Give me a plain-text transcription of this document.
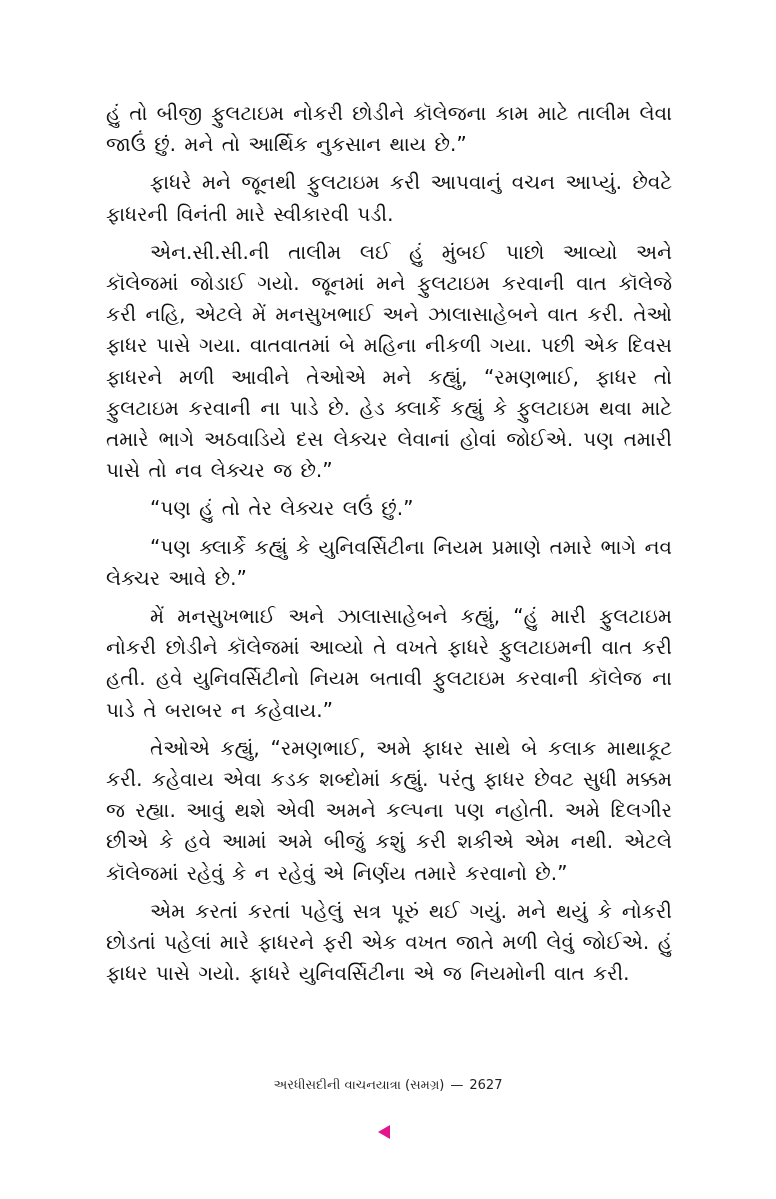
હું તો બીજી ફુલટાઇમ નોકરી છોડીને કૉલેજના કામ માટે તાલીમ લેવા જાઉં છું. મને તો આર્થિક નુકસાન થાય છે.”

ફાધરે મને જૂનથી ફુલટાઇમ કરી આપવાનું વચન આપ્યું. છેવટે ફાધરની વિનંતી મારે સ્વીકારવી પડી.

એન.સી.સી.ની તાલીમ લઈ હું મુંબઈ પાછો આવ્યો અને કૉલેજમાં જોડાઈ ગયો. જૂનમાં મને ફુલટાઇમ કરવાની વાત કૉલેજે કરી નહિ, એટલે મેં મનસુખભાઈ અને ઝાલાસાહેબને વાત કરી. તેઓ ફાધર પાસે ગયા. વાતવાતમાં બે મહિના નીકળી ગયા. પછી એક દિવસ ફાધરને મળી આવીને તેઓએ મને કહ્યું, “રમણભાઈ, ફાધર તો ફુલટાઇમ કરવાની ના પાડે છે. હેડ ક્લાર્કે કહ્યું કે ફુલટાઇમ થવા માટે તમારે ભાગે અઠવાડિયે દસ લેક્ચર લેવાનાં હોવાં જોઈએ. પણ તમારી પાસે તો નવ લેક્ચર જ છે.”

“પણ હું તો તેર લેક્ચર લઉં છું.”

“પણ ક્લાર્કે કહ્યું કે યુનિવર્સિટીના નિયમ પ્રમાણે તમારે ભાગે નવ લેક્ચર આવે છે.”

મેં મનસુખભાઈ અને ઝાલાસાહેબને કહ્યું, “હું મારી ફુલટાઇમ નોકરી છોડીને કૉલેજમાં આવ્યો તે વખતે ફાધરે ફુલટાઇમની વાત કરી હતી. હવે યુનિવર્સિટીનો નિયમ બતાવી ફુલટાઇમ કરવાની કૉલેજ ના પાડે તે બરાબર ન કહેવાય.”

તેઓએ કહ્યું, “રમણભાઈ, અમે ફાધર સાથે બે કલાક માથાકૂટ કરી. કહેવાય એવા કડક શબ્દોમાં કહ્યું. પરંતુ ફાધર છેવટ સુધી મક્કમ જ રહ્યા. આવું થશે એવી અમને કલ્પના પણ નહોતી. અમે દિલગીર છીએ કે હવે આમાં અમે બીજું કશું કરી શકીએ એમ નથી. એટલે કૉલેજમાં રહેવું કે ન રહેવું એ નિર્ણય તમારે કરવાનો છે.”

એમ કરતાં કરતાં પહેલું સત્ર પૂરું થઈ ગયું. મને થયું કે નોકરી છોડતાં પહેલાં મારે ફાધરને ફરી એક વખત જાતે મળી લેવું જોઈએ. હું ફાધર પાસે ગયો. ફાધરે યુનિવર્સિટીના એ જ નિયમોની વાત કરી.

અરધીસદીની વાચનયાત્રા (સમગ્ર) — 2627
